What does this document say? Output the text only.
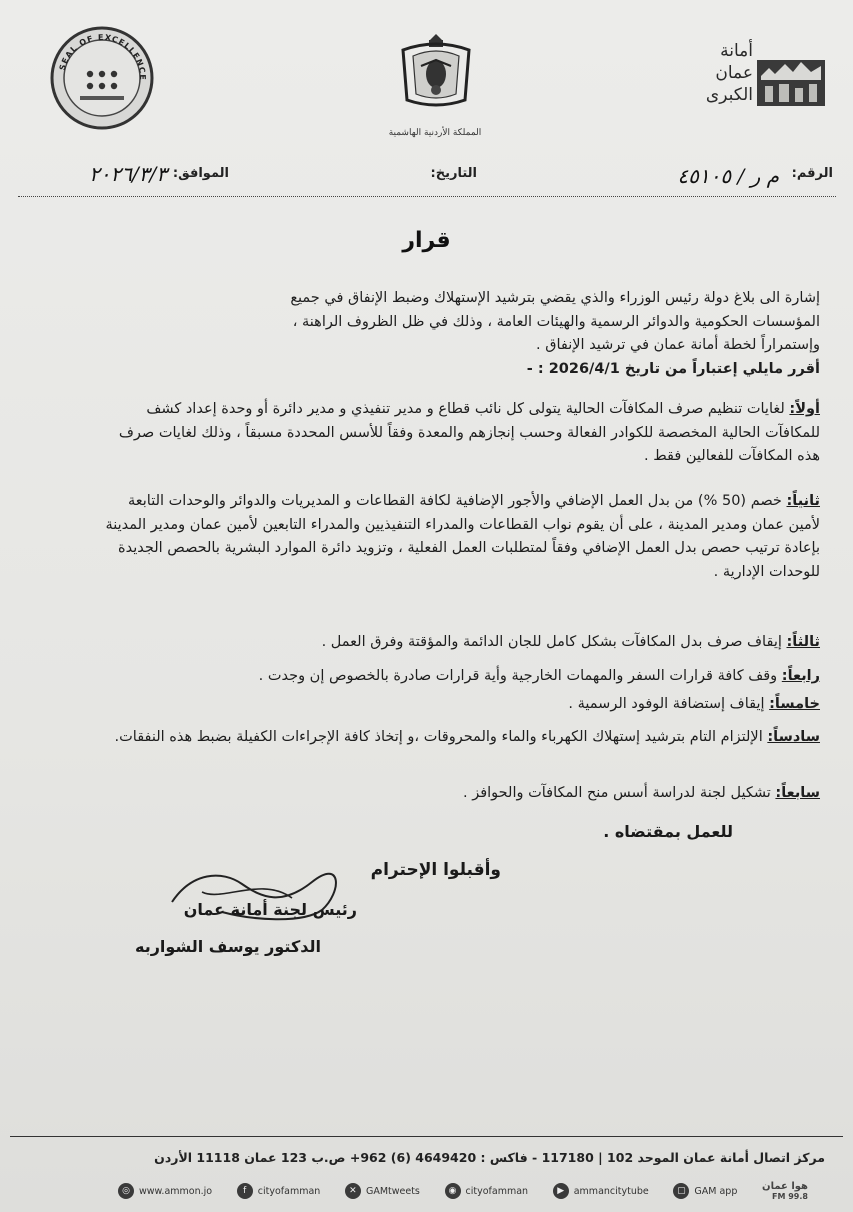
SEAL OF EXCELLENCE
المملكة الأردنية الهاشمية
أمانة
عمان
الكبرى
الرقم:
م ر / ٤٥١٠٥
التاريخ:
الموافق:
٢٠٢٦/٣/٣
قرار
إشارة الى بلاغ دولة رئيس الوزراء والذي يقضي بترشيد الإستهلاك وضبط الإنفاق في جميع
المؤسسات الحكومية والدوائر الرسمية والهيئات العامة ، وذلك في ظل الظروف الراهنة ،
وإستمراراً لخطة أمانة عمان في ترشيد الإنفاق .
أقرر مايلي إعتباراً من تاريخ 2026/4/1 : -
أولاً: لغايات تنظيم صرف المكافآت الحالية يتولى كل نائب قطاع و مدير تنفيذي و مدير دائرة أو وحدة إعداد كشف للمكافآت الحالية المخصصة للكوادر الفعالة وحسب إنجازهم والمعدة وفقاً للأسس المحددة مسبقاً ، وذلك لغايات صرف هذه المكافآت للفعالين فقط .
ثانياً: خصم (50 %) من بدل العمل الإضافي والأجور الإضافية لكافة القطاعات و المديريات والدوائر والوحدات التابعة لأمين عمان ومدير المدينة ، على أن يقوم نواب القطاعات والمدراء التنفيذيين والمدراء التابعين لأمين عمان ومدير المدينة بإعادة ترتيب حصص بدل العمل الإضافي وفقاً لمتطلبات العمل الفعلية ، وتزويد دائرة الموارد البشرية بالحصص الجديدة للوحدات الإدارية .
ثالثاً: إيقاف صرف بدل المكافآت بشكل كامل للجان الدائمة والمؤقتة وفرق العمل .
رابعاً: وقف كافة قرارات السفر والمهمات الخارجية وأية قرارات صادرة بالخصوص إن وجدت .
خامساً: إيقاف إستضافة الوفود الرسمية .
سادساً: الإلتزام التام بترشيد إستهلاك الكهرباء والماء والمحروقات ،و إتخاذ كافة الإجراءات الكفيلة بضبط هذه النفقات.
سابعاً: تشكيل لجنة لدراسة أسس منح المكافآت والحوافز .
للعمل بمقتضاه .
وأقبلوا الإحترام
رئيس لجنة أمانة عمان
الدكتور يوسف الشواربه
مركز اتصال أمانة عمان الموحد 102 | 117180 - فاكس : 4649420 (6) 962+ ص.ب 123 عمان 11118 الأردن
◎ www.ammon.jo	f	cityofamman	✕ GAMtweets	◉ cityofamman	▶	ammancitytube	▢ GAM app هوا عمان
99.8 FM
